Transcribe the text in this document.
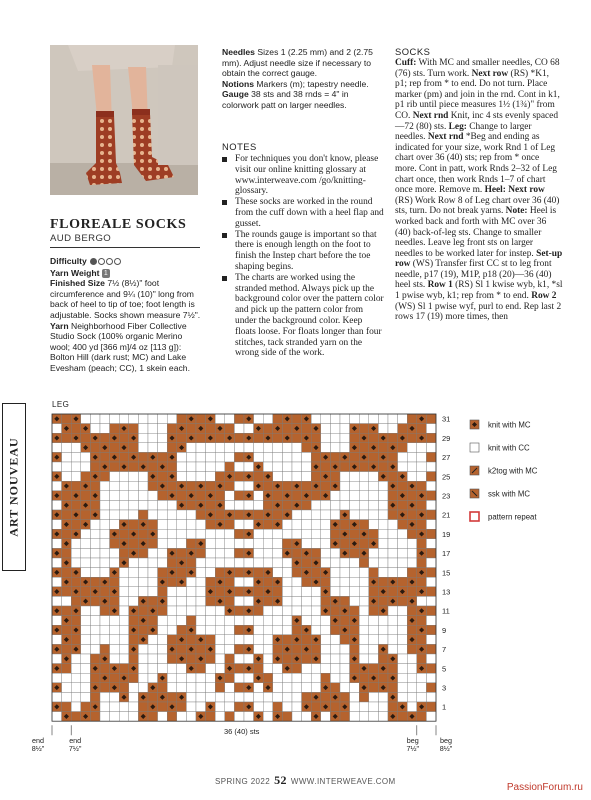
ART NOUVEAU
FLOREALE SOCKS
AUD BERGO
Difficulty
Yarn Weight 1
Finished Size 7½ (8½)" foot circumference and 9¼ (10)" long from back of heel to tip of toe; foot length is adjustable. Socks shown measure 7½".
Yarn Neighborhood Fiber Collective Studio Sock (100% organic Merino wool; 400 yd [366 m]/4 oz [113 g]): Bolton Hill (dark rust; MC) and Lake Evesham (peach; CC), 1 skein each.
Needles Sizes 1 (2.25 mm) and 2 (2.75 mm). Adjust needle size if necessary to obtain the correct gauge.
Notions Markers (m); tapestry needle.
Gauge 38 sts and 38 rnds = 4" in colorwork patt on larger needles.
NOTES
For techniques you don't know, please visit our online knitting glossary at www.interweave.com /go/knitting-glossary.
These socks are worked in the round from the cuff down with a heel flap and gusset.
The rounds gauge is important so that there is enough length on the foot to finish the Instep chart before the toe shaping begins.
The charts are worked using the stranded method. Always pick up the background color over the pattern color and pick up the pattern color from under the background color. Keep floats loose. For floats longer than four stitches, tack stranded yarn on the wrong side of the work.
SOCKS
Cuff: With MC and smaller needles, CO 68 (76) sts. Turn work. Next row (RS) *K1, p1; rep from * to end. Do not turn. Place marker (pm) and join in the rnd. Cont in k1, p1 rib until piece measures 1½ (1¾)" from CO. Next rnd Knit, inc 4 sts evenly spaced—72 (80) sts. Leg: Change to larger needles. Next rnd *Beg and ending as indicated for your size, work Rnd 1 of Leg chart over 36 (40) sts; rep from * once more. Cont in patt, work Rnds 2–32 of Leg chart once, then work Rnds 1–7 of chart once more. Remove m. Heel: Next row (RS) Work Row 8 of Leg chart over 36 (40) sts, turn. Do not break yarns. Note: Heel is worked back and forth with MC over 36 (40) back-of-leg sts. Change to smaller needles. Leave leg front sts on larger needles to be worked later for instep. Set-up row (WS) Transfer first CC st to leg front needle, p17 (19), M1P, p18 (20)—36 (40) heel sts. Row 1 (RS) Sl 1 kwise wyb, k1, *sl 1 pwise wyb, k1; rep from * to end. Row 2 (WS) Sl 1 pwise wyf, purl to end. Rep last 2 rows 17 (19) more times, then
LEG
31
29
27
25
23
21
19
17
15
13
11
9
7
5
3
1
36 (40) sts
end
8½"
end
7½"
beg
7½"
beg
8½"
knit with MC
knit with CC
k2tog with MC
ssk with MC
pattern repeat
SPRING 2022 52 WWW.INTERWEAVE.COM
PassionForum.ru
